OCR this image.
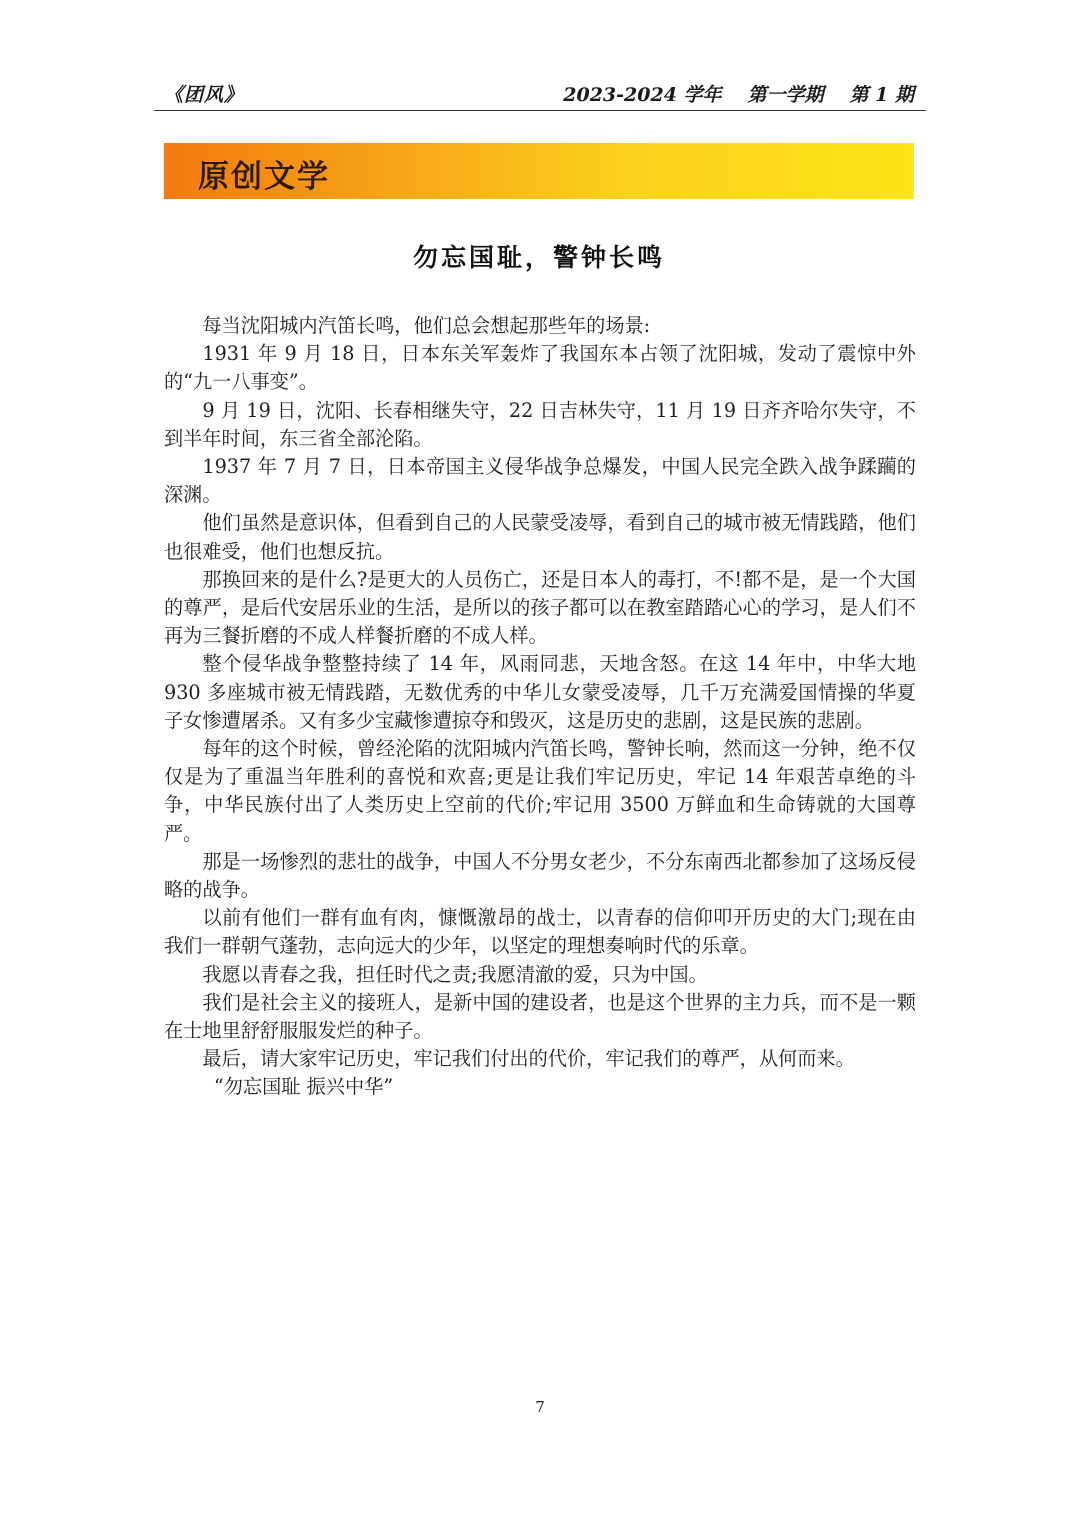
《团风》	2023-2024 学年 第一学期 第 1 期
原创文学
勿忘国耻，警钟长鸣

每当沈阳城内汽笛长鸣，他们总会想起那些年的场景:

1931 年 9 月 18 日，日本东关军轰炸了我国东本占领了沈阳城，发动了震惊中外的“九一八事变”。

9 月 19 日，沈阳、长春相继失守，22 日吉林失守，11 月 19 日齐齐哈尔失守，不到半年时间，东三省全部沦陷。

1937 年 7 月 7 日，日本帝国主义侵华战争总爆发，中国人民完全跌入战争蹂躏的深渊。

他们虽然是意识体，但看到自己的人民蒙受凌辱，看到自己的城市被无情践踏，他们也很难受，他们也想反抗。

那换回来的是什么?是更大的人员伤亡，还是日本人的毒打，不!都不是，是一个大国的尊严，是后代安居乐业的生活，是所以的孩子都可以在教室踏踏心心的学习，是人们不再为三餐折磨的不成人样餐折磨的不成人样。

整个侵华战争整整持续了 14 年，风雨同悲，天地含怒。在这 14 年中，中华大地 930 多座城市被无情践踏，无数优秀的中华儿女蒙受凌辱，几千万充满爱国情操的华夏子女惨遭屠杀。又有多少宝藏惨遭掠夺和毁灭，这是历史的悲剧，这是民族的悲剧。

每年的这个时候，曾经沦陷的沈阳城内汽笛长鸣，警钟长响，然而这一分钟，绝不仅仅是为了重温当年胜利的喜悦和欢喜;更是让我们牢记历史，牢记 14 年艰苦卓绝的斗争，中华民族付出了人类历史上空前的代价;牢记用 3500 万鲜血和生命铸就的大国尊严。

那是一场惨烈的悲壮的战争，中国人不分男女老少，不分东南西北都参加了这场反侵略的战争。

以前有他们一群有血有肉，慷慨激昂的战士，以青春的信仰叩开历史的大门;现在由我们一群朝气蓬勃，志向远大的少年，以坚定的理想奏响时代的乐章。

我愿以青春之我，担任时代之责;我愿清澈的爱，只为中国。

我们是社会主义的接班人，是新中国的建设者，也是这个世界的主力兵，而不是一颗在士地里舒舒服服发烂的种子。

最后，请大家牢记历史，牢记我们付出的代价，牢记我们的尊严，从何而来。

“勿忘国耻 振兴中华”

7
